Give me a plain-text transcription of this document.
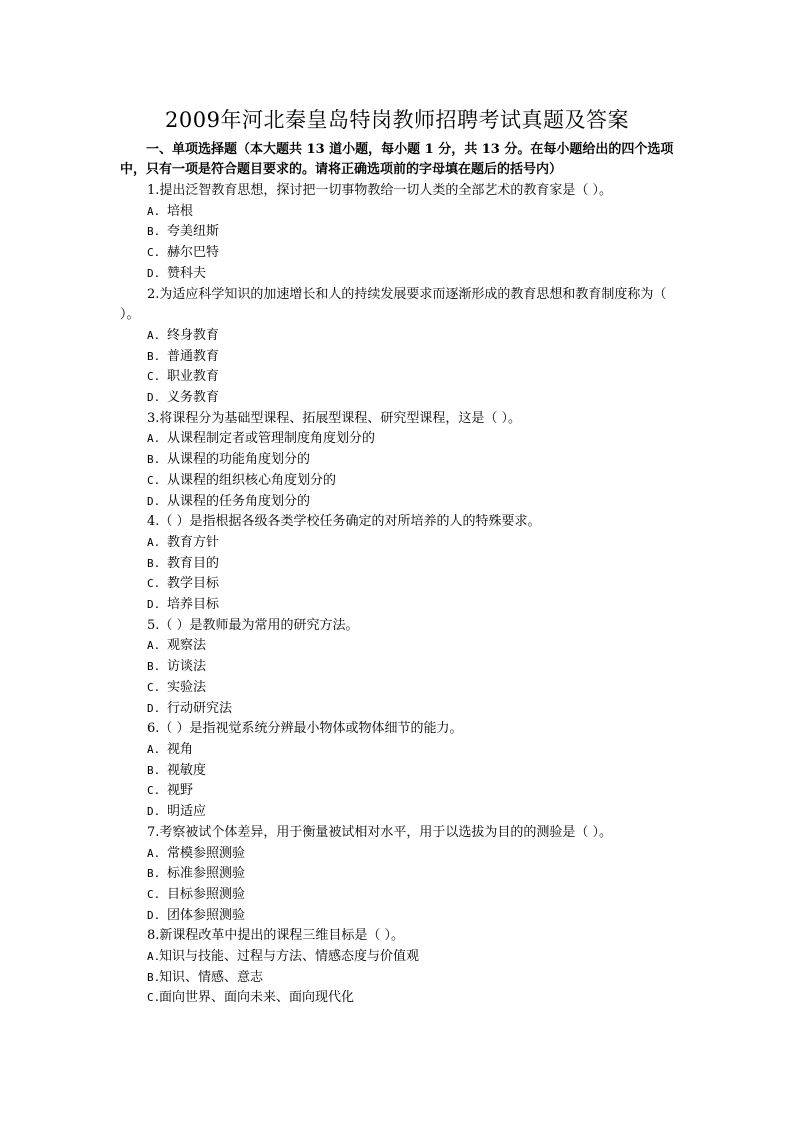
2009年河北秦皇岛特岗教师招聘考试真题及答案
一、单项选择题（本大题共 13 道小题，每小题 1 分，共 13 分。在每小题给出的四个选项中，只有一项是符合题目要求的。请将正确选项前的字母填在题后的括号内）

1.提出泛智教育思想，探讨把一切事物教给一切人类的全部艺术的教育家是（ ）。

A. 培根

B. 夸美纽斯

C. 赫尔巴特

D. 赞科夫

2.为适应科学知识的加速增长和人的持续发展要求而逐渐形成的教育思想和教育制度称为（ ）。

A. 终身教育

B. 普通教育

C. 职业教育

D. 义务教育

3.将课程分为基础型课程、拓展型课程、研究型课程，这是（ ）。

A. 从课程制定者或管理制度角度划分的

B. 从课程的功能角度划分的

C. 从课程的组织核心角度划分的

D. 从课程的任务角度划分的

4.（ ）是指根据各级各类学校任务确定的对所培养的人的特殊要求。

A. 教育方针

B. 教育目的

C. 教学目标

D. 培养目标

5.（ ）是教师最为常用的研究方法。

A. 观察法

B. 访谈法

C. 实验法

D. 行动研究法

6.（ ）是指视觉系统分辨最小物体或物体细节的能力。

A. 视角

B. 视敏度

C. 视野

D. 明适应

7.考察被试个体差异，用于衡量被试相对水平，用于以选拔为目的的测验是（ ）。

A. 常模参照测验

B. 标准参照测验

C. 目标参照测验

D. 团体参照测验

8.新课程改革中提出的课程三维目标是（ ）。

A.知识与技能、过程与方法、情感态度与价值观

B.知识、情感、意志

C.面向世界、面向未来、面向现代化
